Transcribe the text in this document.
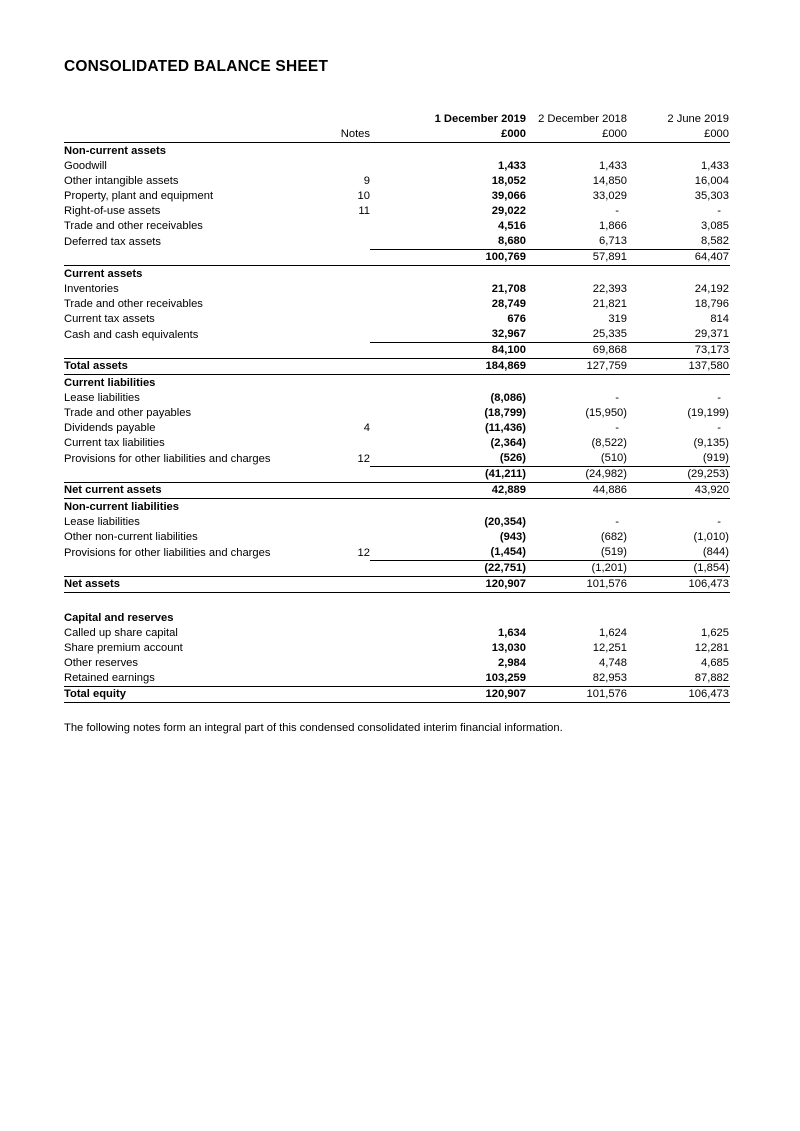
CONSOLIDATED BALANCE SHEET
			1 December 2019	2 December 2018	2 June 2019
	Notes		£000	£000	£000
Non-current assets					
Goodwill			1,433	1,433	1,433
Other intangible assets	9		18,052	14,850	16,004
Property, plant and equipment	10		39,066	33,029	35,303
Right-of-use assets	11		29,022	-	-
Trade and other receivables			4,516	1,866	3,085
Deferred tax assets			8,680	6,713	8,582
			100,769	57,891	64,407
Current assets					
Inventories			21,708	22,393	24,192
Trade and other receivables			28,749	21,821	18,796
Current tax assets			676	319	814
Cash and cash equivalents			32,967	25,335	29,371
			84,100	69,868	73,173
Total assets			184,869	127,759	137,580
Current liabilities					
Lease liabilities			(8,086)	-	-
Trade and other payables			(18,799)	(15,950)	(19,199)
Dividends payable	4		(11,436)	-	-
Current tax liabilities			(2,364)	(8,522)	(9,135)
Provisions for other liabilities and charges	12		(526)	(510)	(919)
			(41,211)	(24,982)	(29,253)
Net current assets			42,889	44,886	43,920
Non-current liabilities					
Lease liabilities			(20,354)	-	-
Other non-current liabilities			(943)	(682)	(1,010)
Provisions for other liabilities and charges	12		(1,454)	(519)	(844)
			(22,751)	(1,201)	(1,854)
Net assets			120,907	101,576	106,473

Capital and reserves					
Called up share capital			1,634	1,624	1,625
Share premium account			13,030	12,251	12,281
Other reserves			2,984	4,748	4,685
Retained earnings			103,259	82,953	87,882
Total equity			120,907	101,576	106,473
The following notes form an integral part of this condensed consolidated interim financial information.
